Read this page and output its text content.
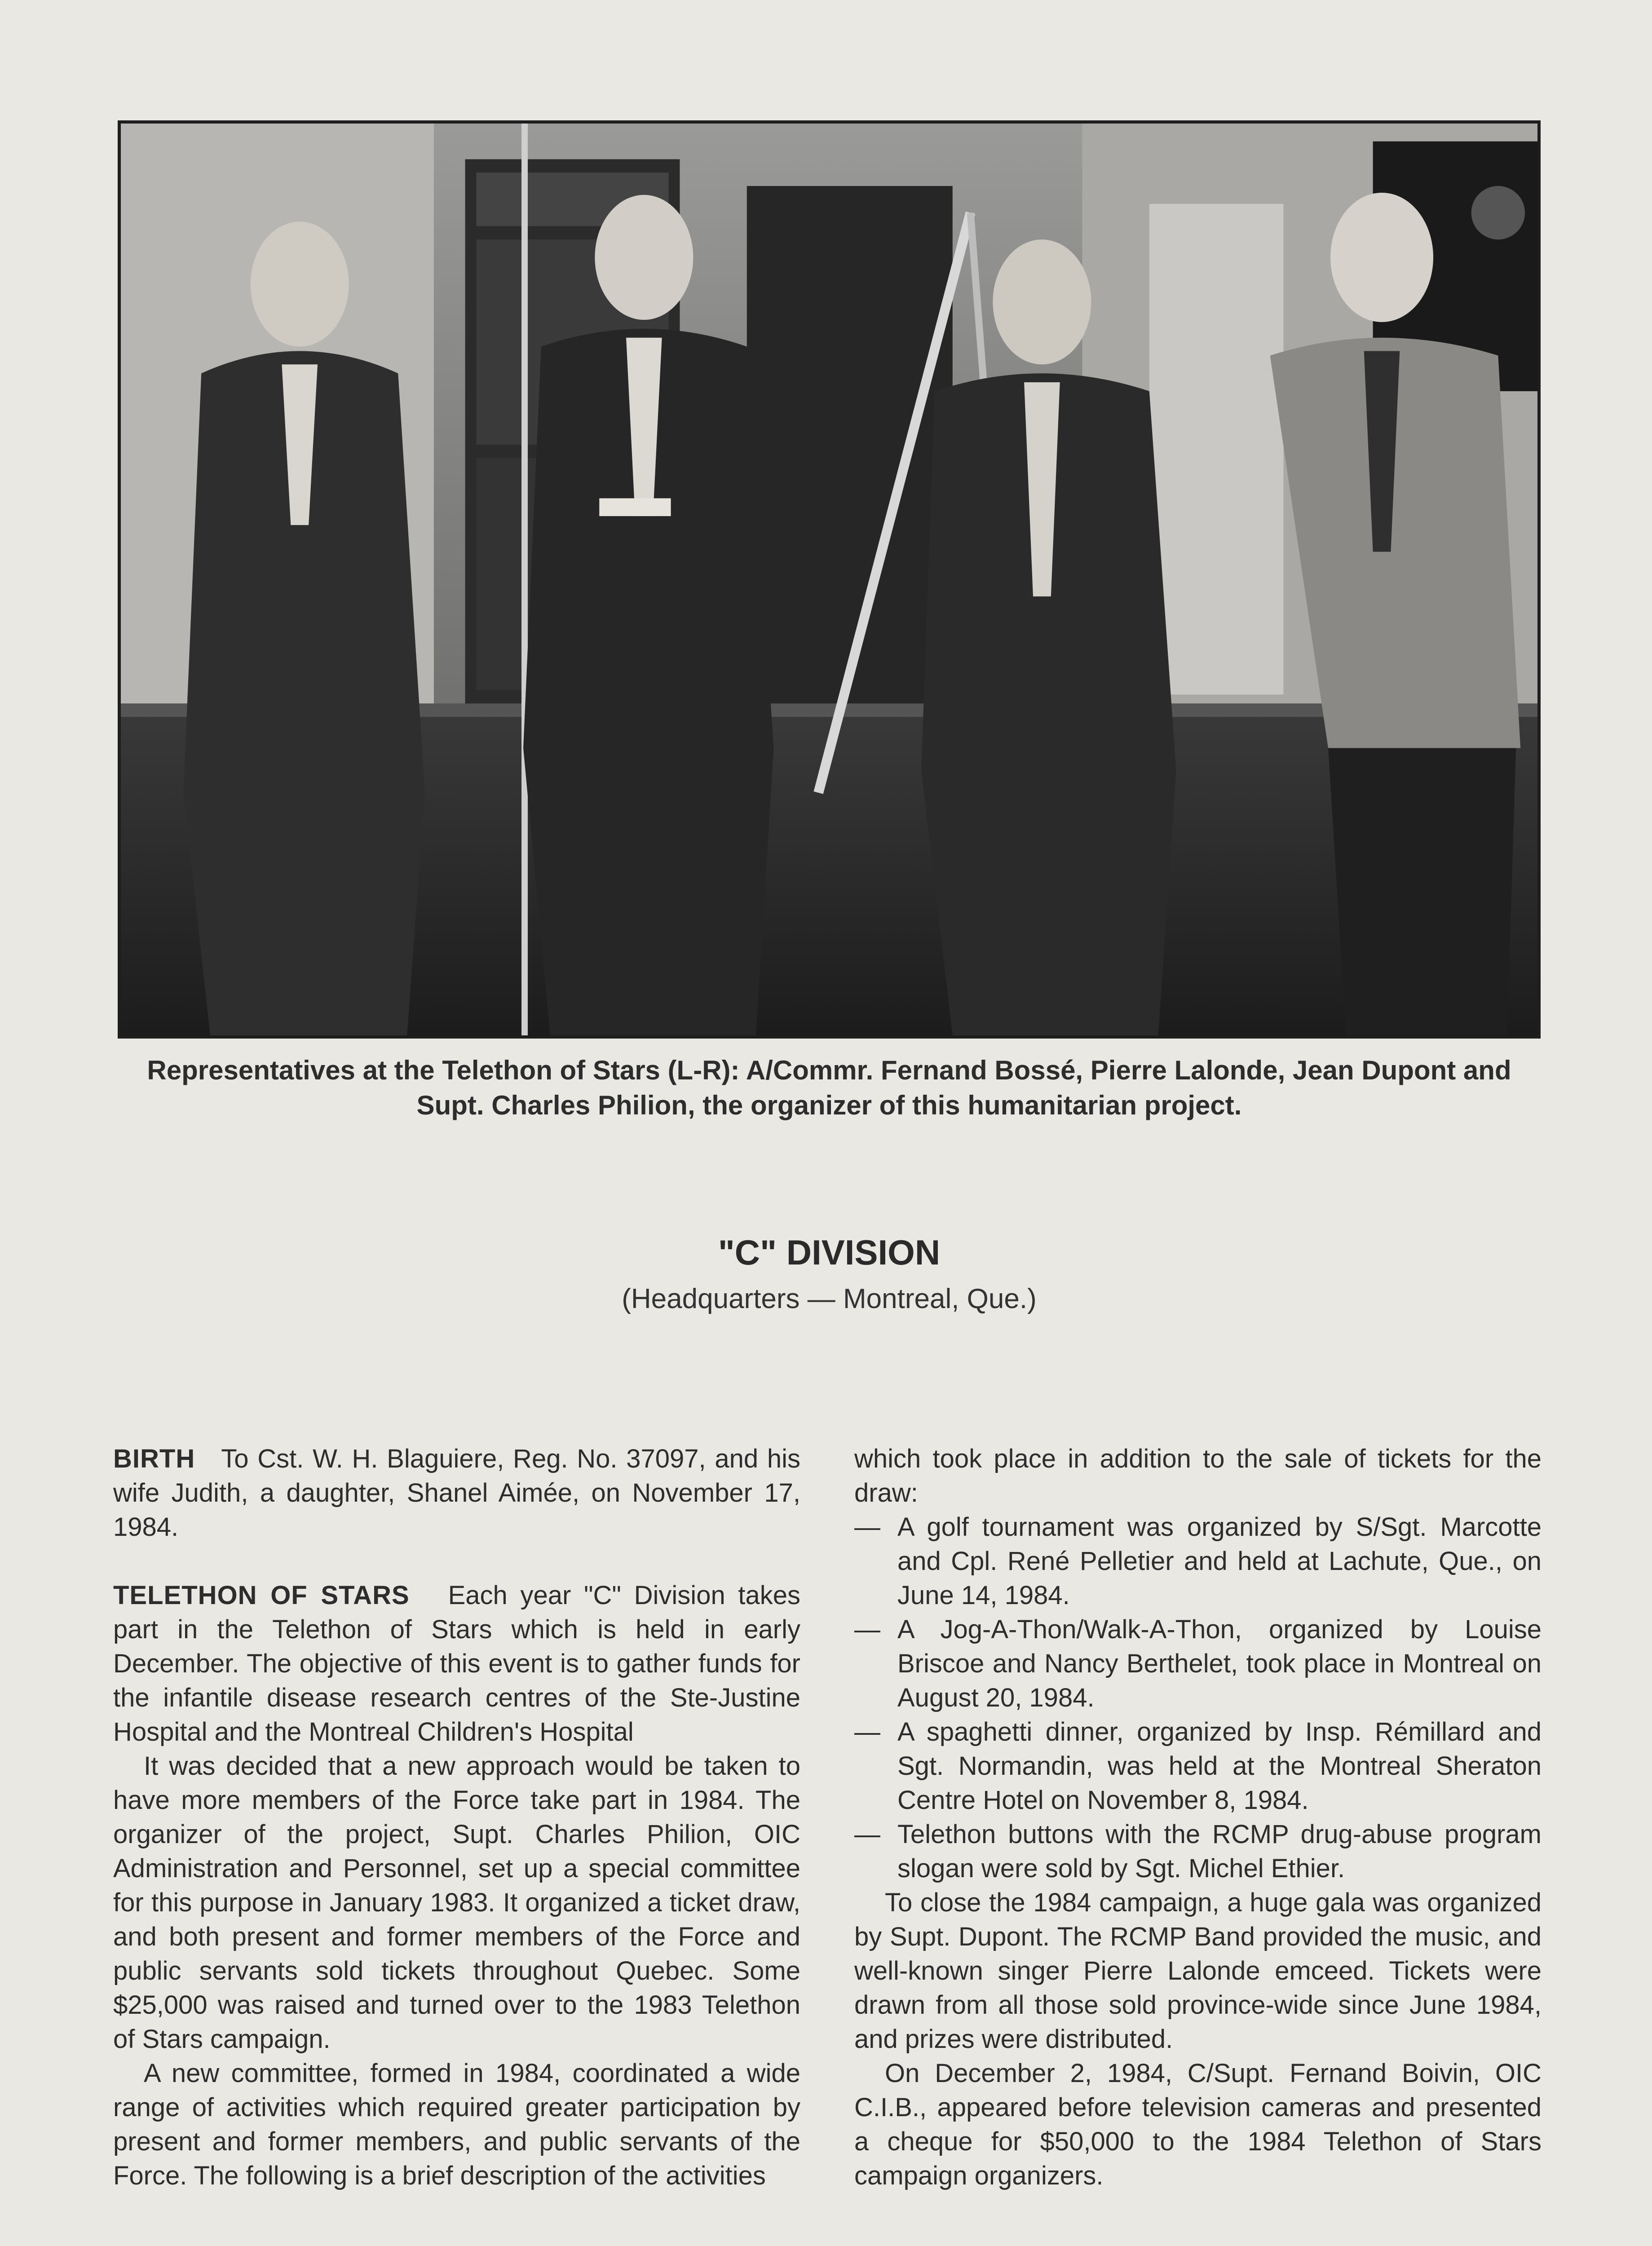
Representatives at the Telethon of Stars (L-R): A/Commr. Fernand Bossé, Pierre Lalonde, Jean Dupont and Supt. Charles Philion, the organizer of this humanitarian project.
"C" DIVISION
(Headquarters — Montreal, Que.)

BIRTH To Cst. W. H. Blaguiere, Reg. No. 37097, and his wife Judith, a daughter, Shanel Aimée, on November 17, 1984.

TELETHON OF STARS Each year "C" Division takes part in the Telethon of Stars which is held in early December. The objective of this event is to gather funds for the infantile disease research centres of the Ste-Justine Hospital and the Montreal Children's Hospital

It was decided that a new approach would be taken to have more members of the Force take part in 1984. The organizer of the project, Supt. Charles Philion, OIC Administration and Personnel, set up a special committee for this purpose in January 1983. It organized a ticket draw, and both present and former members of the Force and public servants sold tickets throughout Quebec. Some $25,000 was raised and turned over to the 1983 Telethon of Stars campaign.

A new committee, formed in 1984, coordinated a wide range of activities which required greater participation by present and former members, and public servants of the Force. The following is a brief description of the activities

which took place in addition to the sale of tickets for the draw:

— A golf tournament was organized by S/Sgt. Marcotte and Cpl. René Pelletier and held at Lachute, Que., on June 14, 1984.

— A Jog-A-Thon/Walk-A-Thon, organized by Louise Briscoe and Nancy Berthelet, took place in Montreal on August 20, 1984.

— A spaghetti dinner, organized by Insp. Rémillard and Sgt. Normandin, was held at the Montreal Sheraton Centre Hotel on November 8, 1984.

— Telethon buttons with the RCMP drug-abuse program slogan were sold by Sgt. Michel Ethier.

To close the 1984 campaign, a huge gala was organized by Supt. Dupont. The RCMP Band provided the music, and well-known singer Pierre Lalonde emceed. Tickets were drawn from all those sold province-wide since June 1984, and prizes were distributed.

On December 2, 1984, C/Supt. Fernand Boivin, OIC C.I.B., appeared before television cameras and presented a cheque for $50,000 to the 1984 Telethon of Stars campaign organizers.
